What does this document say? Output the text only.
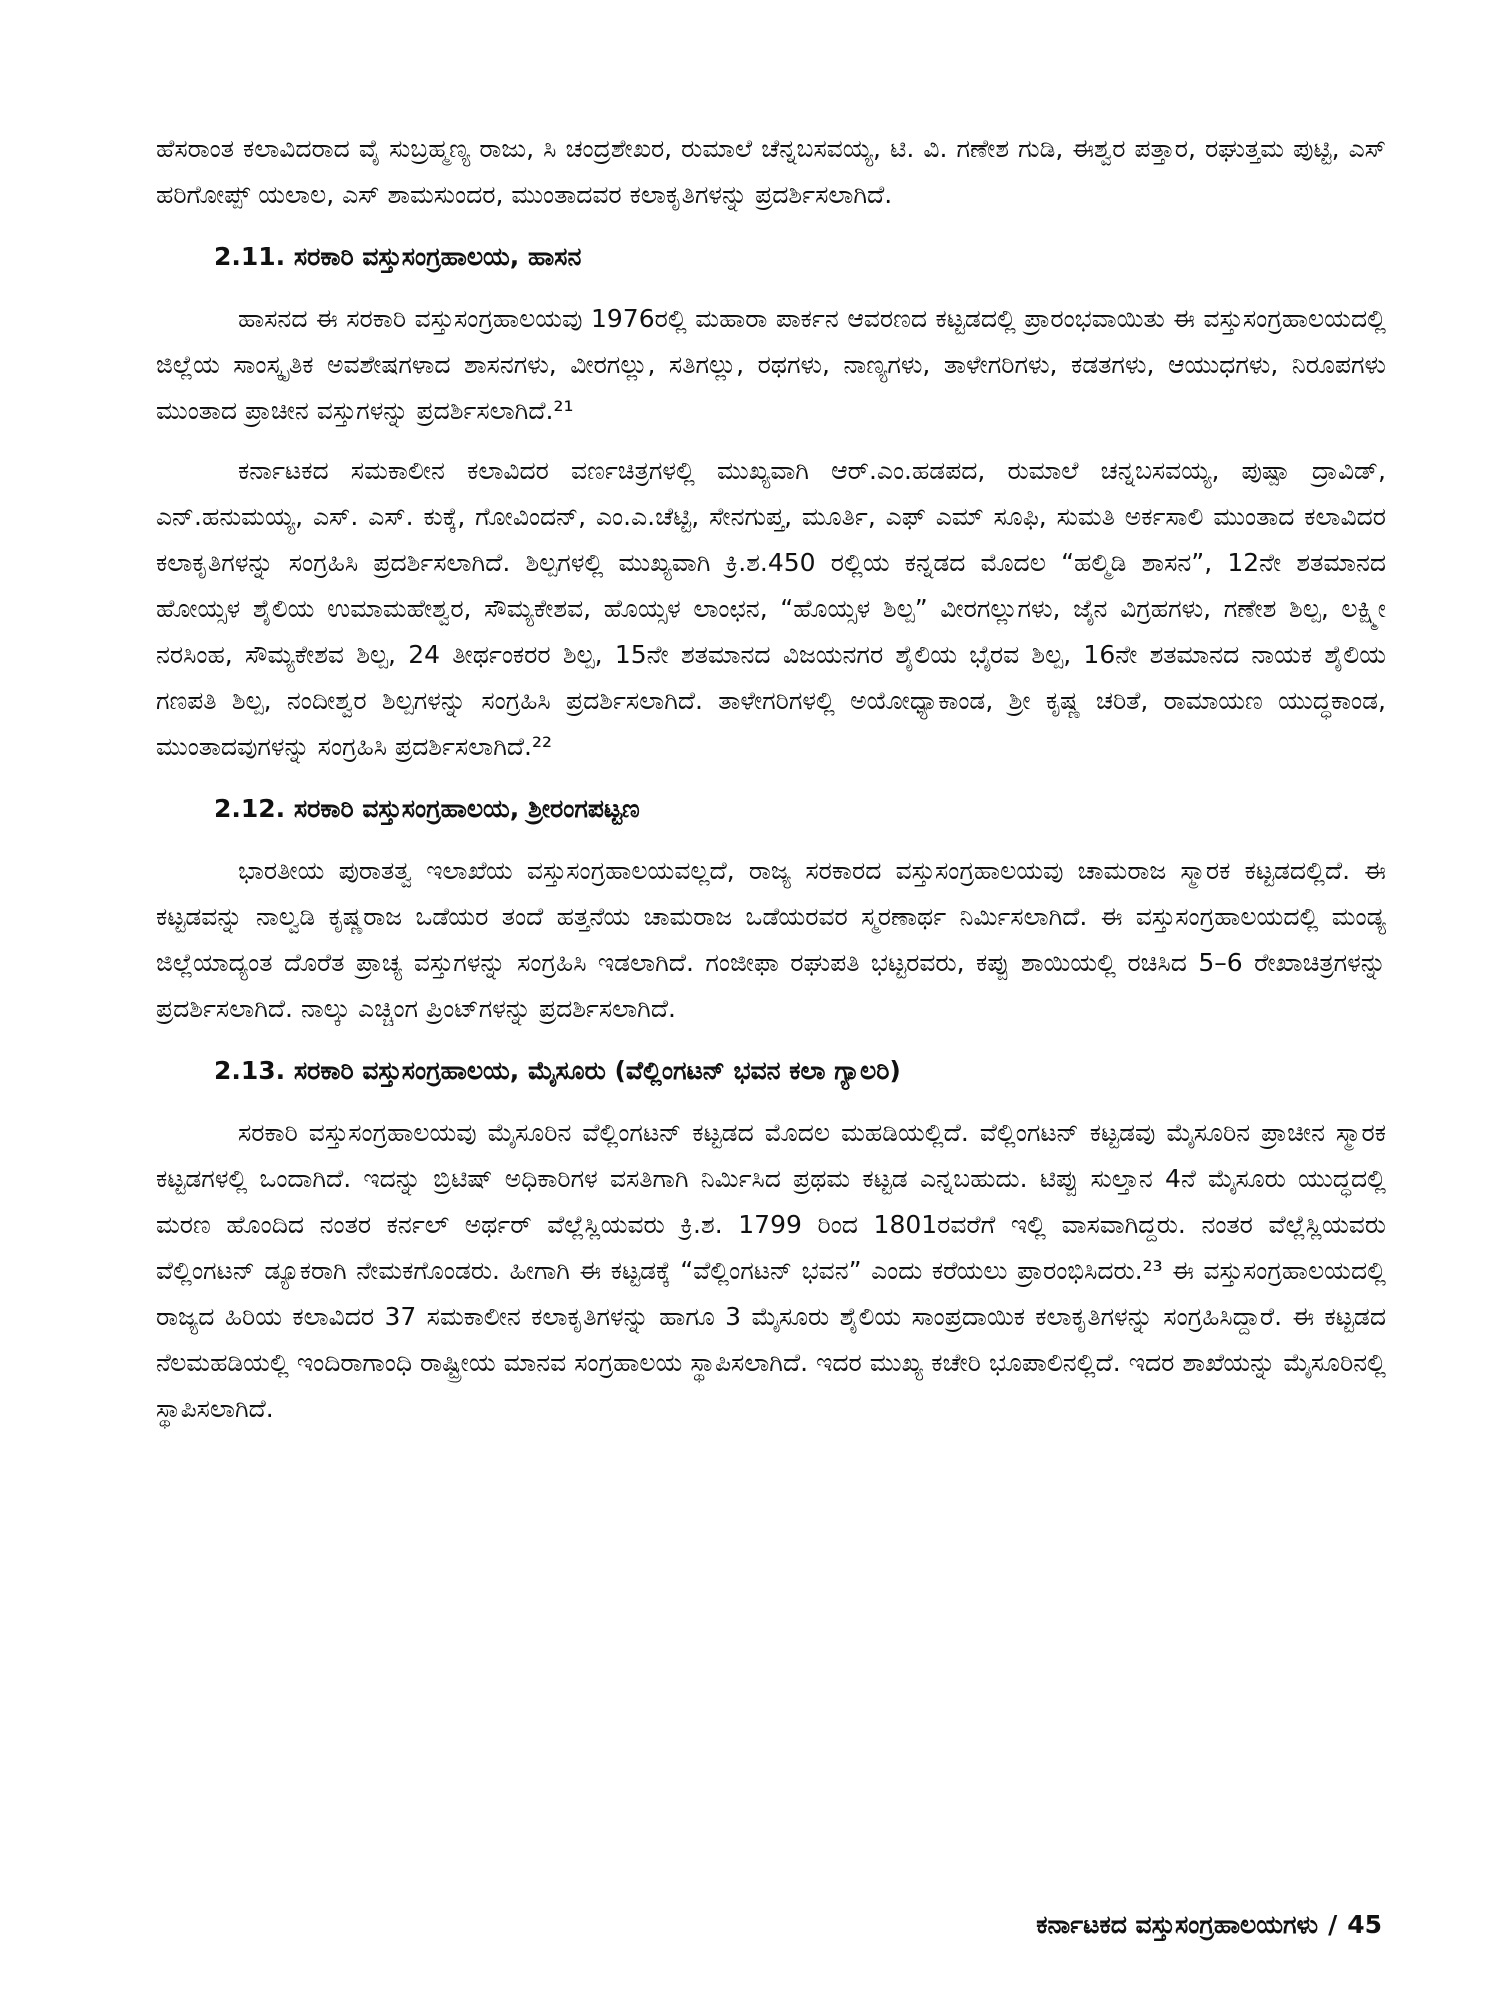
ಹೆಸರಾಂತ ಕಲಾವಿದರಾದ ವೈ ಸುಬ್ರಹ್ಮಣ್ಯ ರಾಜು, ಸಿ ಚಂದ್ರಶೇಖರ, ರುಮಾಲೆ ಚೆನ್ನಬಸವಯ್ಯ, ಟಿ. ವಿ. ಗಣೇಶ ಗುಡಿ, ಈಶ್ವರ ಪತ್ತಾರ, ರಘುತ್ತಮ ಪುಟ್ಟಿ, ಎಸ್ ಹರಿಗೋಪ್ಪ್ ಯಲಾಲ, ಎಸ್ ಶಾಮಸುಂದರ, ಮುಂತಾದವರ ಕಲಾಕೃತಿಗಳನ್ನು ಪ್ರದರ್ಶಿಸಲಾಗಿದೆ.

2.11. ಸರಕಾರಿ ವಸ್ತುಸಂಗ್ರಹಾಲಯ, ಹಾಸನ

ಹಾಸನದ ಈ ಸರಕಾರಿ ವಸ್ತುಸಂಗ್ರಹಾಲಯವು 1976ರಲ್ಲಿ ಮಹಾರಾ ಪಾರ್ಕನ ಆವರಣದ ಕಟ್ಟಡದಲ್ಲಿ ಪ್ರಾರಂಭವಾಯಿತು ಈ ವಸ್ತುಸಂಗ್ರಹಾಲಯದಲ್ಲಿ ಜಿಲ್ಲೆಯ ಸಾಂಸ್ಕೃತಿಕ ಅವಶೇಷಗಳಾದ ಶಾಸನಗಳು, ವೀರಗಲ್ಲು, ಸತಿಗಲ್ಲು, ರಥಗಳು, ನಾಣ್ಯಗಳು, ತಾಳೇಗರಿಗಳು, ಕಡತಗಳು, ಆಯುಧಗಳು, ನಿರೂಪಗಳು ಮುಂತಾದ ಪ್ರಾಚೀನ ವಸ್ತುಗಳನ್ನು ಪ್ರದರ್ಶಿಸಲಾಗಿದೆ.²¹

ಕರ್ನಾಟಕದ ಸಮಕಾಲೀನ ಕಲಾವಿದರ ವರ್ಣಚಿತ್ರಗಳಲ್ಲಿ ಮುಖ್ಯವಾಗಿ ಆರ್.ಎಂ.ಹಡಪದ, ರುಮಾಲೆ ಚನ್ನಬಸವಯ್ಯ, ಪುಷ್ಪಾ ದ್ರಾವಿಡ್, ಎನ್.ಹನುಮಯ್ಯ, ಎಸ್. ಎಸ್. ಕುಕ್ಕೆ, ಗೋವಿಂದನ್, ಎಂ.ಎ.ಚೆಟ್ಟಿ, ಸೇನಗುಪ್ತ, ಮೂರ್ತಿ, ಎಫ್ ಎಮ್ ಸೂಫಿ, ಸುಮತಿ ಅರ್ಕಸಾಲಿ ಮುಂತಾದ ಕಲಾವಿದರ ಕಲಾಕೃತಿಗಳನ್ನು ಸಂಗ್ರಹಿಸಿ ಪ್ರದರ್ಶಿಸಲಾಗಿದೆ. ಶಿಲ್ಪಗಳಲ್ಲಿ ಮುಖ್ಯವಾಗಿ ಕ್ರಿ.ಶ.450 ರಲ್ಲಿಯ ಕನ್ನಡದ ಮೊದಲ “ಹಲ್ಮಿಡಿ ಶಾಸನ”, 12ನೇ ಶತಮಾನದ ಹೋಯ್ಸಳ ಶೈಲಿಯ ಉಮಾಮಹೇಶ್ವರ, ಸೌಮ್ಯಕೇಶವ, ಹೊಯ್ಸಳ ಲಾಂಛನ, “ಹೊಯ್ಸಳ ಶಿಲ್ಪ” ವೀರಗಲ್ಲುಗಳು, ಜೈನ ವಿಗ್ರಹಗಳು, ಗಣೇಶ ಶಿಲ್ಪ, ಲಕ್ಷ್ಮೀ ನರಸಿಂಹ, ಸೌಮ್ಯಕೇಶವ ಶಿಲ್ಪ, 24 ತೀರ್ಥಂಕರರ ಶಿಲ್ಪ, 15ನೇ ಶತಮಾನದ ವಿಜಯನಗರ ಶೈಲಿಯ ಭೈರವ ಶಿಲ್ಪ, 16ನೇ ಶತಮಾನದ ನಾಯಕ ಶೈಲಿಯ ಗಣಪತಿ ಶಿಲ್ಪ, ನಂದೀಶ್ವರ ಶಿಲ್ಪಗಳನ್ನು ಸಂಗ್ರಹಿಸಿ ಪ್ರದರ್ಶಿಸಲಾಗಿದೆ. ತಾಳೇಗರಿಗಳಲ್ಲಿ ಅಯೋಧ್ಯಾಕಾಂಡ, ಶ್ರೀ ಕೃಷ್ಣ ಚರಿತೆ, ರಾಮಾಯಣ ಯುದ್ಧಕಾಂಡ, ಮುಂತಾದವುಗಳನ್ನು ಸಂಗ್ರಹಿಸಿ ಪ್ರದರ್ಶಿಸಲಾಗಿದೆ.²²

2.12. ಸರಕಾರಿ ವಸ್ತುಸಂಗ್ರಹಾಲಯ, ಶ್ರೀರಂಗಪಟ್ಟಣ

ಭಾರತೀಯ ಪುರಾತತ್ವ ಇಲಾಖೆಯ ವಸ್ತುಸಂಗ್ರಹಾಲಯವಲ್ಲದೆ, ರಾಜ್ಯ ಸರಕಾರದ ವಸ್ತುಸಂಗ್ರಹಾಲಯವು ಚಾಮರಾಜ ಸ್ಮಾರಕ ಕಟ್ಟಡದಲ್ಲಿದೆ. ಈ ಕಟ್ಟಡವನ್ನು ನಾಲ್ವಡಿ ಕೃಷ್ಣರಾಜ ಒಡೆಯರ ತಂದೆ ಹತ್ತನೆಯ ಚಾಮರಾಜ ಒಡೆಯರವರ ಸ್ಮರಣಾರ್ಥ ನಿರ್ಮಿಸಲಾಗಿದೆ. ಈ ವಸ್ತುಸಂಗ್ರಹಾಲಯದಲ್ಲಿ ಮಂಡ್ಯ ಜಿಲ್ಲೆಯಾದ್ಯಂತ ದೊರೆತ ಪ್ರಾಚ್ಯ ವಸ್ತುಗಳನ್ನು ಸಂಗ್ರಹಿಸಿ ಇಡಲಾಗಿದೆ. ಗಂಜೀಫಾ ರಘುಪತಿ ಭಟ್ಟರವರು, ಕಪ್ಪು ಶಾಯಿಯಲ್ಲಿ ರಚಿಸಿದ 5–6 ರೇಖಾಚಿತ್ರಗಳನ್ನು ಪ್ರದರ್ಶಿಸಲಾಗಿದೆ. ನಾಲ್ಕು ಎಚ್ಚಿಂಗ ಪ್ರಿಂಟ್‌ಗಳನ್ನು ಪ್ರದರ್ಶಿಸಲಾಗಿದೆ.

2.13. ಸರಕಾರಿ ವಸ್ತುಸಂಗ್ರಹಾಲಯ, ಮೈಸೂರು (ವೆಲ್ಲಿಂಗಟನ್ ಭವನ ಕಲಾ ಗ್ಯಾಲರಿ)

ಸರಕಾರಿ ವಸ್ತುಸಂಗ್ರಹಾಲಯವು ಮೈಸೂರಿನ ವೆಲ್ಲಿಂಗಟನ್ ಕಟ್ಟಡದ ಮೊದಲ ಮಹಡಿಯಲ್ಲಿದೆ. ವೆಲ್ಲಿಂಗಟನ್ ಕಟ್ಟಡವು ಮೈಸೂರಿನ ಪ್ರಾಚೀನ ಸ್ಮಾರಕ ಕಟ್ಟಡಗಳಲ್ಲಿ ಒಂದಾಗಿದೆ. ಇದನ್ನು ಬ್ರಿಟಿಷ್ ಅಧಿಕಾರಿಗಳ ವಸತಿಗಾಗಿ ನಿರ್ಮಿಸಿದ ಪ್ರಥಮ ಕಟ್ಟಡ ಎನ್ನಬಹುದು. ಟಿಪ್ಪು ಸುಲ್ತಾನ 4ನೆ ಮೈಸೂರು ಯುದ್ಧದಲ್ಲಿ ಮರಣ ಹೊಂದಿದ ನಂತರ ಕರ್ನಲ್ ಅರ್ಥರ್ ವೆಲ್ಲೆಸ್ಲಿಯವರು ಕ್ರಿ.ಶ. 1799 ರಿಂದ 1801ರವರೆಗೆ ಇಲ್ಲಿ ವಾಸವಾಗಿದ್ದರು. ನಂತರ ವೆಲ್ಲೆಸ್ಲಿಯವರು ವೆಲ್ಲಿಂಗಟನ್ ಡ್ಯೂಕರಾಗಿ ನೇಮಕಗೊಂಡರು. ಹೀಗಾಗಿ ಈ ಕಟ್ಟಡಕ್ಕೆ “ವೆಲ್ಲಿಂಗಟನ್ ಭವನ” ಎಂದು ಕರೆಯಲು ಪ್ರಾರಂಭಿಸಿದರು.²³ ಈ ವಸ್ತುಸಂಗ್ರಹಾಲಯದಲ್ಲಿ ರಾಜ್ಯದ ಹಿರಿಯ ಕಲಾವಿದರ 37 ಸಮಕಾಲೀನ ಕಲಾಕೃತಿಗಳನ್ನು ಹಾಗೂ 3 ಮೈಸೂರು ಶೈಲಿಯ ಸಾಂಪ್ರದಾಯಿಕ ಕಲಾಕೃತಿಗಳನ್ನು ಸಂಗ್ರಹಿಸಿದ್ದಾರೆ. ಈ ಕಟ್ಟಡದ ನೆಲಮಹಡಿಯಲ್ಲಿ ಇಂದಿರಾಗಾಂಧಿ ರಾಷ್ಟ್ರೀಯ ಮಾನವ ಸಂಗ್ರಹಾಲಯ ಸ್ಥಾಪಿಸಲಾಗಿದೆ. ಇದರ ಮುಖ್ಯ ಕಚೇರಿ ಭೂಪಾಲಿನಲ್ಲಿದೆ. ಇದರ ಶಾಖೆಯನ್ನು ಮೈಸೂರಿನಲ್ಲಿ ಸ್ಥಾಪಿಸಲಾಗಿದೆ.

ಕರ್ನಾಟಕದ ವಸ್ತುಸಂಗ್ರಹಾಲಯಗಳು / 45
